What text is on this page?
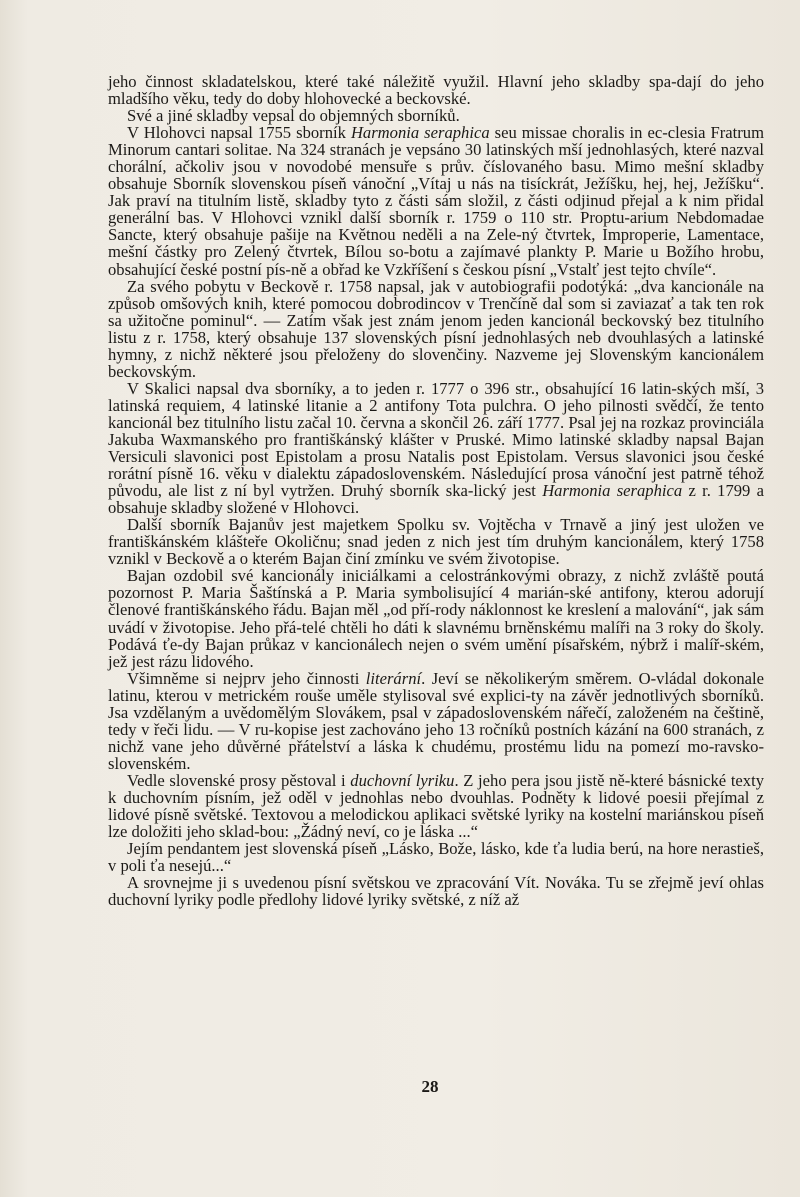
jeho činnost skladatelskou, které také náležitě využil. Hlavní jeho skladby spa-dají do jeho mladšího věku, tedy do doby hlohovecké a beckovské.

Své a jiné skladby vepsal do objemných sborníků.

V Hlohovci napsal 1755 sborník Harmonia seraphica seu missae choralis in ec-clesia Fratrum Minorum cantari solitae. Na 324 stranách je vepsáno 30 latinských mší jednohlasých, které nazval chorální, ačkoliv jsou v novodobé mensuře s prův. číslovaného basu. Mimo mešní skladby obsahuje Sborník slovenskou píseň vánoční „Vítaj u nás na tisíckrát, Ježíšku, hej, hej, Ježíšku“. Jak praví na titulním listě, skladby tyto z části sám složil, z části odjinud přejal a k nim přidal generální bas. V Hlohovci vznikl další sborník r. 1759 o 110 str. Proptu-arium Nebdomadae Sancte, který obsahuje pašije na Květnou neděli a na Zele-ný čtvrtek, Improperie, Lamentace, mešní částky pro Zelený čtvrtek, Bílou so-botu a zajímavé plankty P. Marie u Božího hrobu, obsahující české postní pís-ně a obřad ke Vzkříšení s českou písní „Vstalť jest tejto chvíle“.

Za svého pobytu v Beckově r. 1758 napsal, jak v autobiografii podotýká: „dva kancionále na způsob omšových knih, které pomocou dobrodincov v Trenčíně dal som si zaviazať a tak ten rok sa užitočne pominul“. — Zatím však jest znám jenom jeden kancionál beckovský bez titulního listu z r. 1758, který obsahuje 137 slovenských písní jednohlasých neb dvouhlasých a latinské hymny, z nichž některé jsou přeloženy do slovenčiny. Nazveme jej Slovenským kancionálem beckovským.

V Skalici napsal dva sborníky, a to jeden r. 1777 o 396 str., obsahující 16 latin-ských mší, 3 latinská requiem, 4 latinské litanie a 2 antifony Tota pulchra. O jeho pilnosti svědčí, že tento kancionál bez titulního listu začal 10. června a skončil 26. září 1777. Psal jej na rozkaz provinciála Jakuba Waxmanského pro františkánský klášter v Pruské. Mimo latinské skladby napsal Bajan Versiculi slavonici post Epistolam a prosu Natalis post Epistolam. Versus slavonici jsou české rorátní písně 16. věku v dialektu západoslovenském. Následující prosa vánoční jest patrně téhož původu, ale list z ní byl vytržen. Druhý sborník ska-lický jest Harmonia seraphica z r. 1799 a obsahuje skladby složené v Hlohovci.

Další sborník Bajanův jest majetkem Spolku sv. Vojtěcha v Trnavě a jiný jest uložen ve františkánském klášteře Okoličnu; snad jeden z nich jest tím druhým kancionálem, který 1758 vznikl v Beckově a o kterém Bajan činí zmínku ve svém životopise.

Bajan ozdobil své kancionály iniciálkami a celostránkovými obrazy, z nichž zvláště poutá pozornost P. Maria Šaštínská a P. Maria symbolisující 4 marián-ské antifony, kterou adorují členové františkánského řádu. Bajan měl „od pří-rody náklonnost ke kreslení a malování“, jak sám uvádí v životopise. Jeho přá-telé chtěli ho dáti k slavnému brněnskému malíři na 3 roky do školy. Podává ťe-dy Bajan průkaz v kancionálech nejen o svém umění písařském, nýbrž i malíř-ském, jež jest rázu lidového.

Všimněme si nejprv jeho činnosti literární. Jeví se několikerým směrem. O-vládal dokonale latinu, kterou v metrickém rouše uměle stylisoval své explici-ty na závěr jednotlivých sborníků. Jsa vzdělaným a uvědomělým Slovákem, psal v západoslovenském nářečí, založeném na češtině, tedy v řeči lidu. — V ru-kopise jest zachováno jeho 13 ročníků postních kázání na 600 stranách, z nichž vane jeho důvěrné přátelství a láska k chudému, prostému lidu na pomezí mo-ravsko-slovenském.

Vedle slovenské prosy pěstoval i duchovní lyriku. Z jeho pera jsou jistě ně-které básnické texty k duchovním písním, jež oděl v jednohlas nebo dvouhlas. Podněty k lidové poesii přejímal z lidové písně světské. Textovou a melodickou aplikaci světské lyriky na kostelní mariánskou píseň lze doložiti jeho sklad-bou: „Žádný neví, co je láska ...“

Jejím pendantem jest slovenská píseň „Lásko, Bože, lásko, kde ťa ludia berú, na hore nerastieš, v poli ťa nesejú...“

A srovnejme ji s uvedenou písní světskou ve zpracování Vít. Nováka. Tu se zřejmě jeví ohlas duchovní lyriky podle předlohy lidové lyriky světské, z níž až

28
